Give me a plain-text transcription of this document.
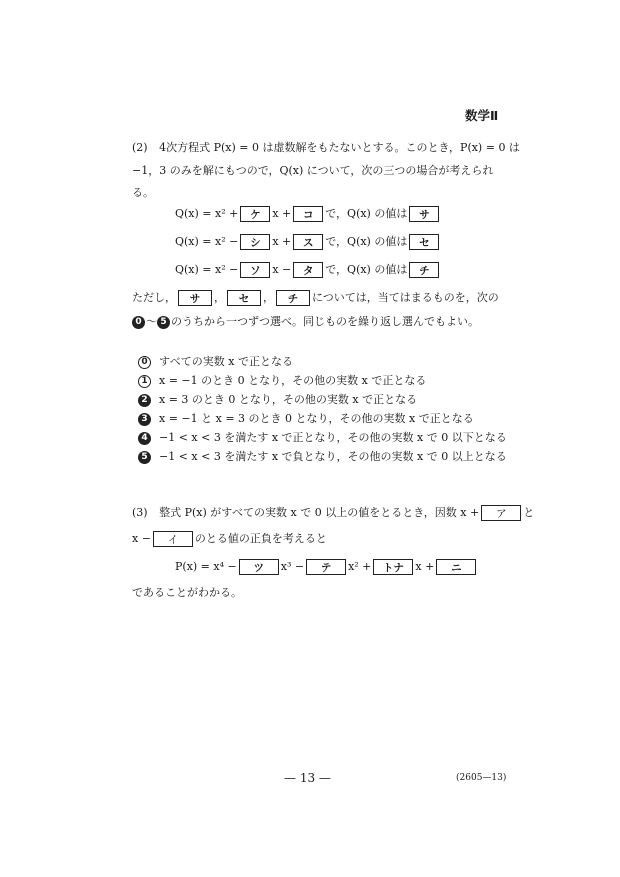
数学Ⅱ
(2) 4次方程式 P(x) = 0 は虚数解をもたないとする。このとき，P(x) = 0 は
−1，3 のみを解にもつので，Q(x) について，次の三つの場合が考えられ
る。
Q(x) = x² + ケ x + コ で，Q(x) の値は サ
Q(x) = x² − シ x + ス で，Q(x) の値は セ
Q(x) = x² − ソ x − タ で，Q(x) の値は チ
ただし， サ ， セ ， チ については，当てはまるものを，次の
0 〜 5 のうちから一つずつ選べ。同じものを繰り返し選んでもよい。
0 すべての実数 x で正となる
1 x = −1 のとき 0 となり，その他の実数 x で正となる
2 x = 3 のとき 0 となり，その他の実数 x で正となる
3 x = −1 と x = 3 のとき 0 となり，その他の実数 x で正となる
4 −1 < x < 3 を満たす x で正となり，その他の実数 x で 0 以下となる
5 −1 < x < 3 を満たす x で負となり，その他の実数 x で 0 以上となる
(3) 整式 P(x) がすべての実数 x で 0 以上の値をとるとき，因数 x + ア と
x − イ のとる値の正負を考えると
P(x) = x⁴ − ツ x³ − テ x² + トナ x + ニ
であることがわかる。
— 13 —	(2605—13)
